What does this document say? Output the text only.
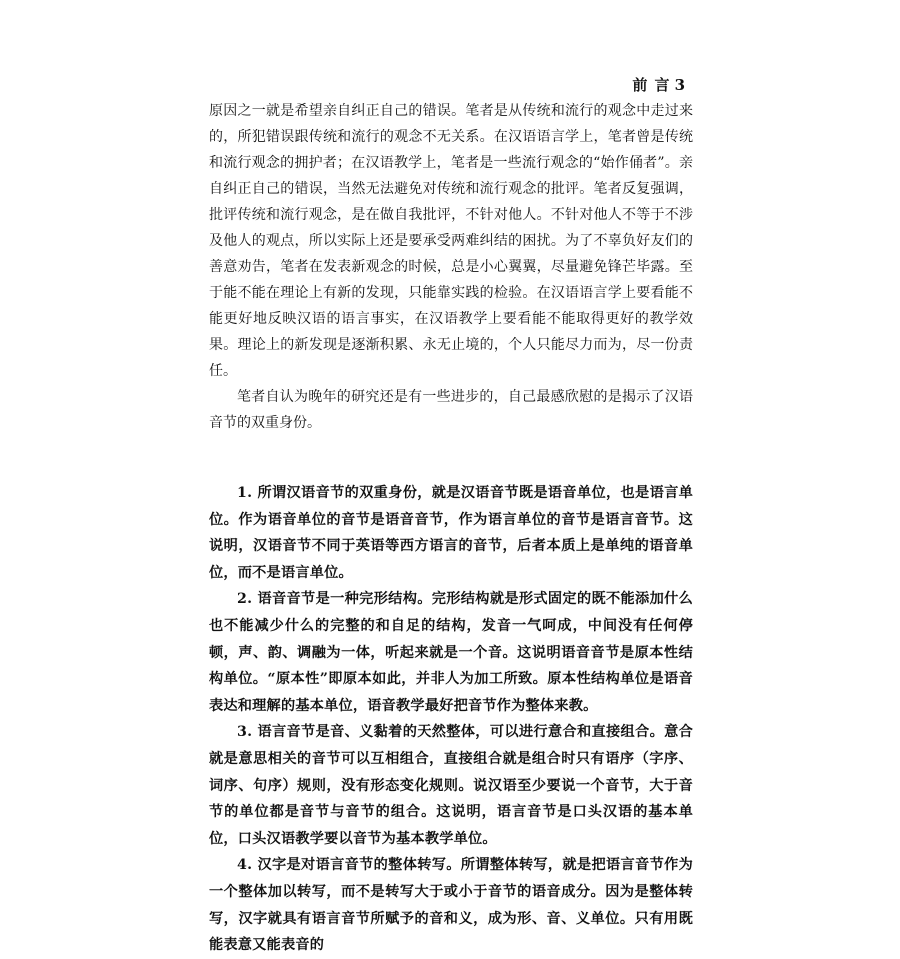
前 言 3

原因之一就是希望亲自纠正自己的错误。笔者是从传统和流行的观念中走过来的，所犯错误跟传统和流行的观念不无关系。在汉语语言学上，笔者曾是传统和流行观念的拥护者；在汉语教学上，笔者是一些流行观念的“始作俑者”。亲自纠正自己的错误，当然无法避免对传统和流行观念的批评。笔者反复强调，批评传统和流行观念，是在做自我批评，不针对他人。不针对他人不等于不涉及他人的观点，所以实际上还是要承受两难纠结的困扰。为了不辜负好友们的善意劝告，笔者在发表新观念的时候，总是小心翼翼，尽量避免锋芒毕露。至于能不能在理论上有新的发现，只能靠实践的检验。在汉语语言学上要看能不能更好地反映汉语的语言事实，在汉语教学上要看能不能取得更好的教学效果。理论上的新发现是逐渐积累、永无止境的，个人只能尽力而为，尽一份责任。

笔者自认为晚年的研究还是有一些进步的，自己最感欣慰的是揭示了汉语音节的双重身份。

1. 所谓汉语音节的双重身份，就是汉语音节既是语音单位，也是语言单位。作为语音单位的音节是语音音节，作为语言单位的音节是语言音节。这说明，汉语音节不同于英语等西方语言的音节，后者本质上是单纯的语音单位，而不是语言单位。

2. 语音音节是一种完形结构。完形结构就是形式固定的既不能添加什么也不能减少什么的完整的和自足的结构，发音一气呵成，中间没有任何停顿，声、韵、调融为一体，听起来就是一个音。这说明语音音节是原本性结构单位。“原本性”即原本如此，并非人为加工所致。原本性结构单位是语音表达和理解的基本单位，语音教学最好把音节作为整体来教。

3. 语言音节是音、义黏着的天然整体，可以进行意合和直接组合。意合就是意思相关的音节可以互相组合，直接组合就是组合时只有语序（字序、词序、句序）规则，没有形态变化规则。说汉语至少要说一个音节，大于音节的单位都是音节与音节的组合。这说明，语言音节是口头汉语的基本单位，口头汉语教学要以音节为基本教学单位。

4. 汉字是对语言音节的整体转写。所谓整体转写，就是把语言音节作为一个整体加以转写，而不是转写大于或小于音节的语音成分。因为是整体转写，汉字就具有语言音节所赋予的音和义，成为形、音、义单位。只有用既能表意又能表音的
